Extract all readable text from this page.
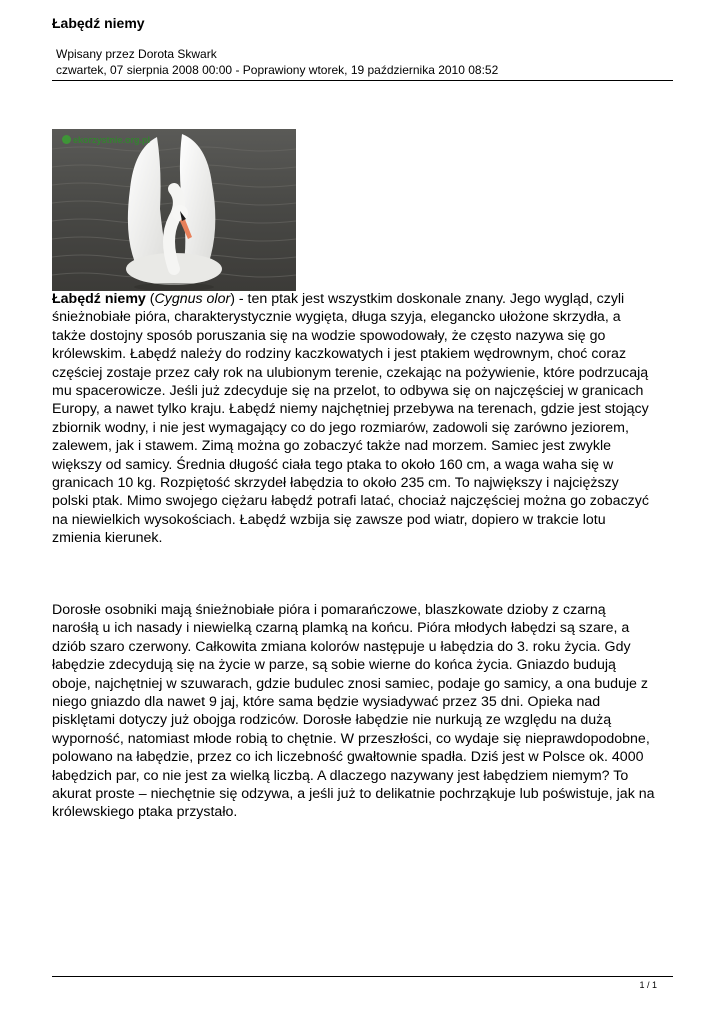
Łabędź niemy
Wpisany przez Dorota Skwark
czwartek, 07 sierpnia 2008 00:00 - Poprawiony wtorek, 19 października 2010 08:52
ekorzystnie.org.pl
Łabędź niemy (Cygnus olor) - ten ptak jest wszystkim doskonale znany. Jego wygląd, czyli
śnieżnobiałe pióra, charakterystycznie wygięta, długa szyja, elegancko ułożone skrzydła, a
także dostojny sposób poruszania się na wodzie spowodowały, że często nazywa się go
królewskim. Łabędź należy do rodziny kaczkowatych i jest ptakiem wędrownym, choć coraz
częściej zostaje przez cały rok na ulubionym terenie, czekając na pożywienie, które podrzucają
mu spacerowicze. Jeśli już zdecyduje się na przelot, to odbywa się on najczęściej w granicach
Europy, a nawet tylko kraju. Łabędź niemy najchętniej przebywa na terenach, gdzie jest stojący
zbiornik wodny, i nie jest wymagający co do jego rozmiarów, zadowoli się zarówno jeziorem,
zalewem, jak i stawem. Zimą można go zobaczyć także nad morzem. Samiec jest zwykle
większy od samicy. Średnia długość ciała tego ptaka to około 160 cm, a waga waha się w
granicach 10 kg. Rozpiętość skrzydeł łabędzia to około 235 cm. To największy i najcięższy
polski ptak. Mimo swojego ciężaru łabędź potrafi latać, chociaż najczęściej można go zobaczyć
na niewielkich wysokościach. Łabędź wzbija się zawsze pod wiatr, dopiero w trakcie lotu
zmienia kierunek.
Dorosłe osobniki mają śnieżnobiałe pióra i pomarańczowe, blaszkowate dzioby z czarną
narośłą u ich nasady i niewielką czarną plamką na końcu. Pióra młodych łabędzi są szare, a
dziób szaro czerwony. Całkowita zmiana kolorów następuje u łabędzia do 3. roku życia. Gdy
łabędzie zdecydują się na życie w parze, są sobie wierne do końca życia. Gniazdo budują
oboje, najchętniej w szuwarach, gdzie budulec znosi samiec, podaje go samicy, a ona buduje z
niego gniazdo dla nawet 9 jaj, które sama będzie wysiadywać przez 35 dni. Opieka nad
pisklętami dotyczy już obojga rodziców. Dorosłe łabędzie nie nurkują ze względu na dużą
wyporność, natomiast młode robią to chętnie. W przeszłości, co wydaje się nieprawdopodobne,
polowano na łabędzie, przez co ich liczebność gwałtownie spadła. Dziś jest w Polsce ok. 4000
łabędzich par, co nie jest za wielką liczbą. A dlaczego nazywany jest łabędziem niemym? To
akurat proste – niechętnie się odzywa, a jeśli już to delikatnie pochrząkuje lub poświstuje, jak na
królewskiego ptaka przystało.
1 / 1
